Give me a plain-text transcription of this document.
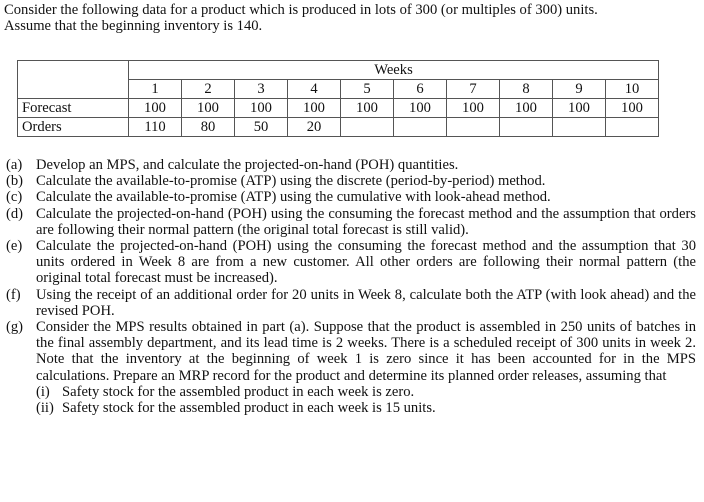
Consider the following data for a product which is produced in lots of 300 (or multiples of 300) units.
Assume that the beginning inventory is 140.
	Weeks									
	1	2	3	4	5	6	7	8	9	10
Forecast	100	100	100	100	100	100	100	100	100	100
Orders	110	80	50	20						
(a) Develop an MPS, and calculate the projected-on-hand (POH) quantities.
(b) Calculate the available-to-promise (ATP) using the discrete (period-by-period) method.
(c) Calculate the available-to-promise (ATP) using the cumulative with look-ahead method.
(d) Calculate the projected-on-hand (POH) using the consuming the forecast method and the assumption that orders are following their normal pattern (the original total forecast is still valid).
(e) Calculate the projected-on-hand (POH) using the consuming the forecast method and the assumption that 30 units ordered in Week 8 are from a new customer. All other orders are following their normal pattern (the original total forecast must be increased).
(f)	Using the receipt of an additional order for 20 units in Week 8, calculate both the ATP (with look ahead) and the revised POH.
(g) Consider the MPS results obtained in part (a). Suppose that the product is assembled in 250 units of batches in the final assembly department, and its lead time is 2 weeks. There is a scheduled receipt of 300 units in week 2. Note that the inventory at the beginning of week 1 is zero since it has been accounted for in the MPS calculations. Prepare an MRP record for the product and determine its planned order releases, assuming that
(i) Safety stock for the assembled product in each week is zero.
(ii) Safety stock for the assembled product in each week is 15 units.
